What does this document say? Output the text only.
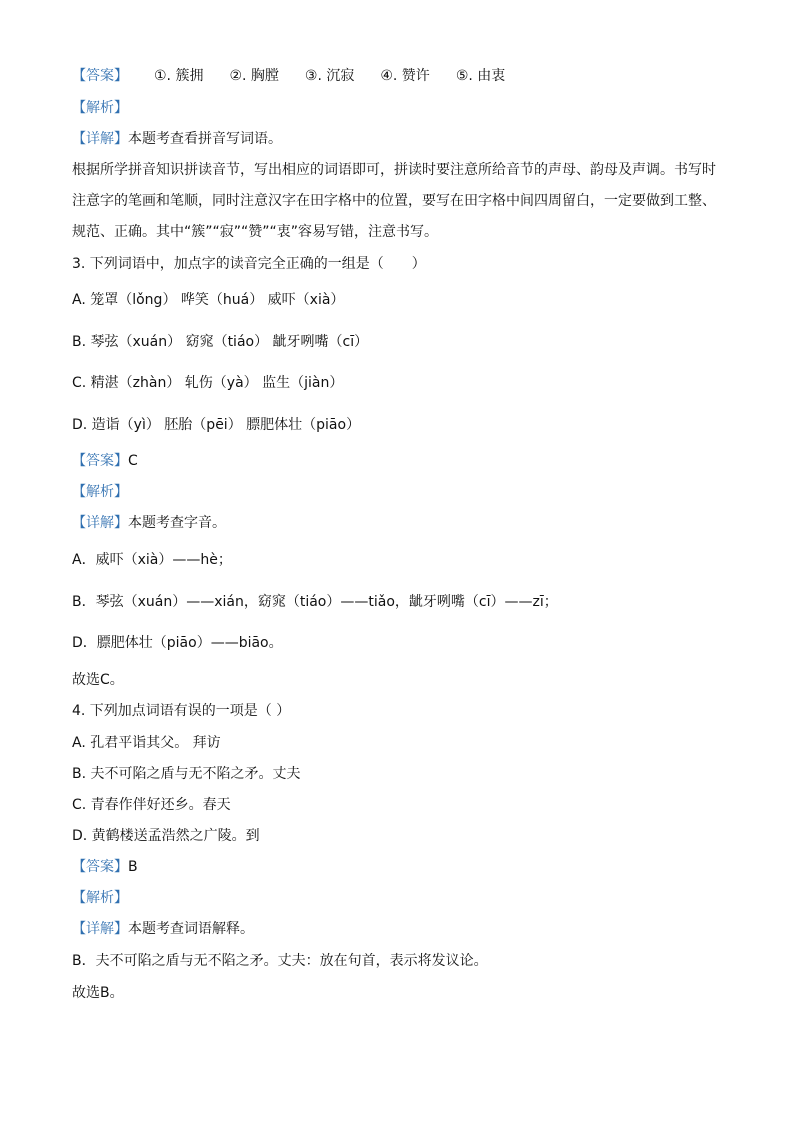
【答案】 ①. 簇拥 ②. 胸膛 ③. 沉寂 ④. 赞许 ⑤. 由衷
【解析】
【详解】本题考查看拼音写词语。
根据所学拼音知识拼读音节，写出相应的词语即可，拼读时要注意所给音节的声母、韵母及声调。书写时
注意字的笔画和笔顺，同时注意汉字在田字格中的位置，要写在田字格中间四周留白，一定要做到工整、
规范、正确。其中“簇”“寂”“赞”“衷”容易写错，注意书写。
3. 下列词语中，加点字的读音完全正确的一组是（　　）
A. 笼罩（lǒng） 哗笑（huá） 威吓（xià）
B. 琴弦（xuán） 窈窕（tiáo） 龇牙咧嘴（cī）
C. 精湛（zhàn） 轧伤（yà） 监生（jiàn）
D. 造诣（yì） 胚胎（pēi） 膘肥体壮（piāo）
【答案】C
【解析】
【详解】本题考查字音。
A．威吓（xià）——hè；
B．琴弦（xuán）——xián，窈窕（tiáo）——tiǎo，龇牙咧嘴（cī）——zī；
D．膘肥体壮（piāo）——biāo。
故选C。
4. 下列加点词语有误的一项是（ ）
A. 孔君平诣其父。 拜访
B. 夫不可陷之盾与无不陷之矛。丈夫
C. 青春作伴好还乡。春天
D. 黄鹤楼送孟浩然之广陵。到
【答案】B
【解析】
【详解】本题考查词语解释。
B．夫不可陷之盾与无不陷之矛。丈夫：放在句首，表示将发议论。
故选B。
